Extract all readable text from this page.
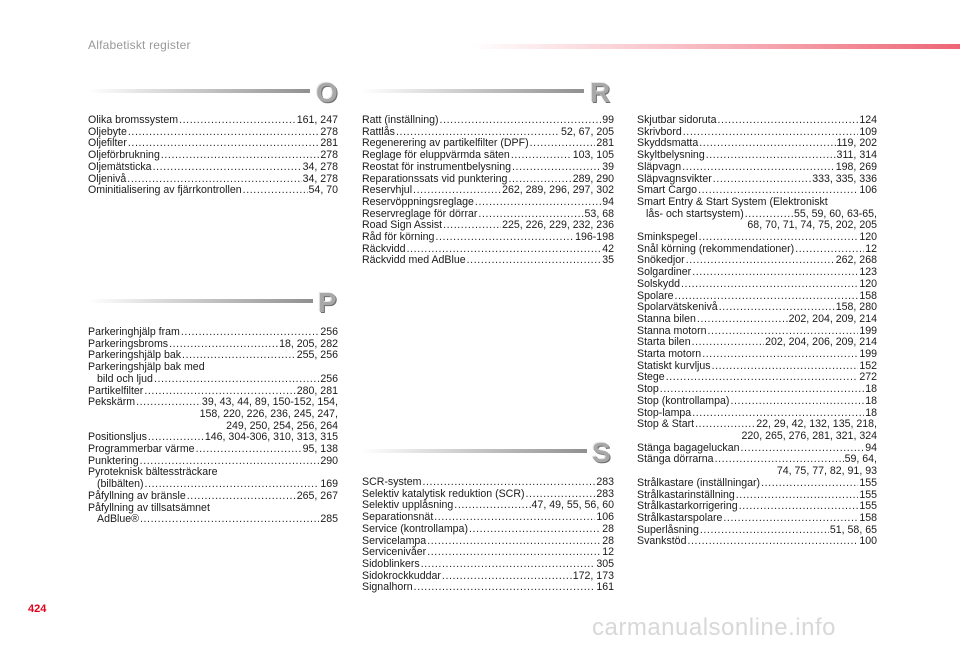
Alfabetiskt register
O
P
R
S
Olika bromssystem .....	161, 247
Oljebyte .....	278
Oljefilter .....	281
Oljeförbrukning .....	278
Oljemätsticka .....	34, 278
Oljenivå .....	34, 278
Ominitialisering av fjärrkontrollen .....	54, 70
Parkeringhjälp fram .....	256
Parkeringsbroms .....	18, 205, 282
Parkeringshjälp bak .....	255, 256
Parkeringshjälp bak med
bild och ljud .....	256
Partikelfilter .....	280, 281
Pekskärm .....	39, 43, 44, 89, 150-152, 154,
158, 220, 226, 236, 245, 247,
249, 250, 254, 256, 264
Positionsljus .....	146, 304-306, 310, 313, 315
Programmerbar värme .....	95, 138
Punktering .....	290
Pyroteknisk bältessträckare
(bilbälten) .....	169
Påfyllning av bränsle .....	265, 267
Påfyllning av tillsatsämnet
AdBlue® .....	285
Ratt (inställning) .....	99
Rattlås .....	52, 67, 205
Regenerering av partikelfilter (DPF) .....	281
Reglage för eluppvärmda säten .....	103, 105
Reostat för instrumentbelysning .....	39
Reparationssats vid punktering .....	289, 290
Reservhjul .....	262, 289, 296, 297, 302
Reservöppningsreglage .....	94
Reservreglage för dörrar .....	53, 68
Road Sign Assist .....	225, 226, 229, 232, 236
Råd för körning .....	196-198
Räckvidd .....	42
Räckvidd med AdBlue .....	35
SCR-system .....	283
Selektiv katalytisk reduktion (SCR) .....	283
Selektiv upplåsning .....	47, 49, 55, 56, 60
Separationsnät .....	106
Service (kontrollampa) .....	28
Servicelampa .....	28
Servicenivåer .....	12
Sidoblinkers .....	305
Sidokrockkuddar .....	172, 173
Signalhorn .....	161
Skjutbar sidoruta .....	124
Skrivbord .....	109
Skyddsmatta .....	119, 202
Skyltbelysning .....	311, 314
Släpvagn .....	198, 269
Släpvagnsvikter .....	333, 335, 336
Smart Cargo .....	106
Smart Entry & Start System (Elektroniskt
lås- och startsystem) .....	55, 59, 60, 63-65,
68, 70, 71, 74, 75, 202, 205
Sminkspegel .....	120
Snål körning (rekommendationer) .....	12
Snökedjor .....	262, 268
Solgardiner .....	123
Solskydd .....	120
Spolare .....	158
Spolarvätskenivå .....	158, 280
Stanna bilen .....	202, 204, 209, 214
Stanna motorn .....	199
Starta bilen .....	202, 204, 206, 209, 214
Starta motorn .....	199
Statiskt kurvljus .....	152
Stege .....	272
Stop .....	18
Stop (kontrollampa) .....	18
Stop-lampa .....	18
Stop & Start .....	22, 29, 42, 132, 135, 218,
220, 265, 276, 281, 321, 324
Stänga bagageluckan .....	94
Stänga dörrarna .....	59, 64,
74, 75, 77, 82, 91, 93
Strålkastare (inställningar) .....	155
Strålkastarinställning .....	155
Strålkastarkorrigering .....	155
Strålkastarspolare .....	158
Superlåsning .....	51, 58, 65
Svankstöd .....	100
424
carmanualsonline.info
